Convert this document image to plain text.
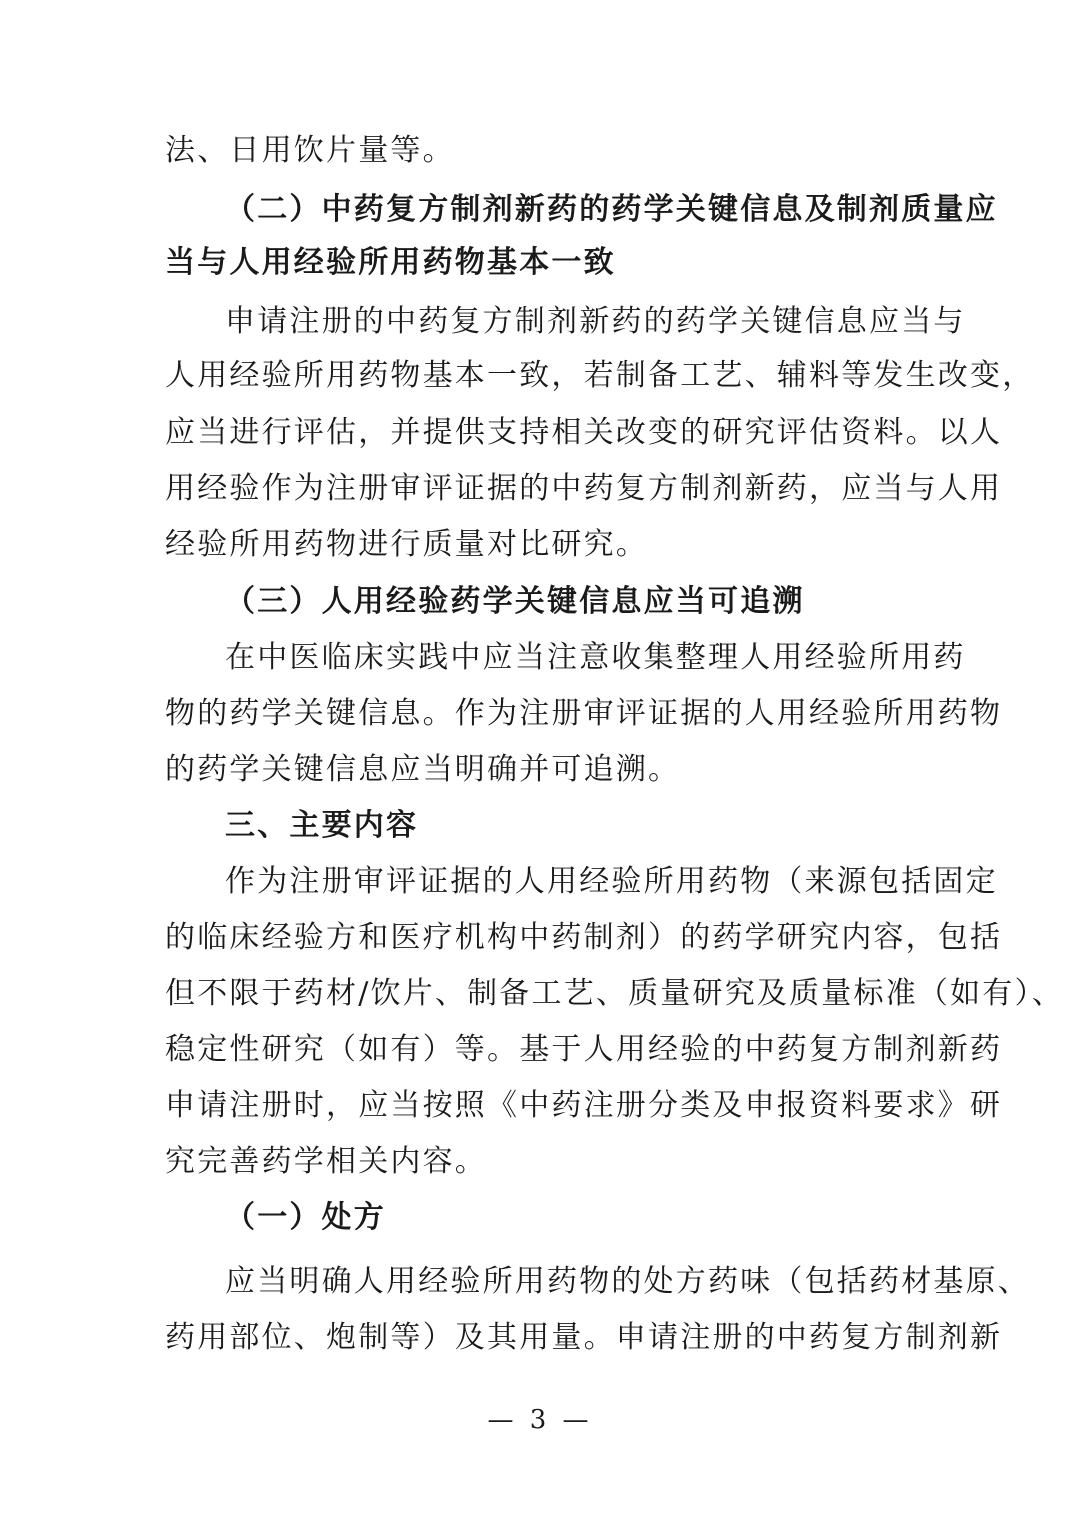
法、日用饮片量等。
（二）中药复方制剂新药的药学关键信息及制剂质量应
当与人用经验所用药物基本一致
申请注册的中药复方制剂新药的药学关键信息应当与
人用经验所用药物基本一致，若制备工艺、辅料等发生改变，
应当进行评估，并提供支持相关改变的研究评估资料。以人
用经验作为注册审评证据的中药复方制剂新药，应当与人用
经验所用药物进行质量对比研究。
（三）人用经验药学关键信息应当可追溯
在中医临床实践中应当注意收集整理人用经验所用药
物的药学关键信息。作为注册审评证据的人用经验所用药物
的药学关键信息应当明确并可追溯。
三、主要内容
作为注册审评证据的人用经验所用药物（来源包括固定
的临床经验方和医疗机构中药制剂）的药学研究内容，包括
但不限于药材/饮片、制备工艺、质量研究及质量标准（如有）、
稳定性研究（如有）等。基于人用经验的中药复方制剂新药
申请注册时，应当按照《中药注册分类及申报资料要求》研
究完善药学相关内容。
（一）处方
应当明确人用经验所用药物的处方药味（包括药材基原、
药用部位、炮制等）及其用量。申请注册的中药复方制剂新
— 3 —
